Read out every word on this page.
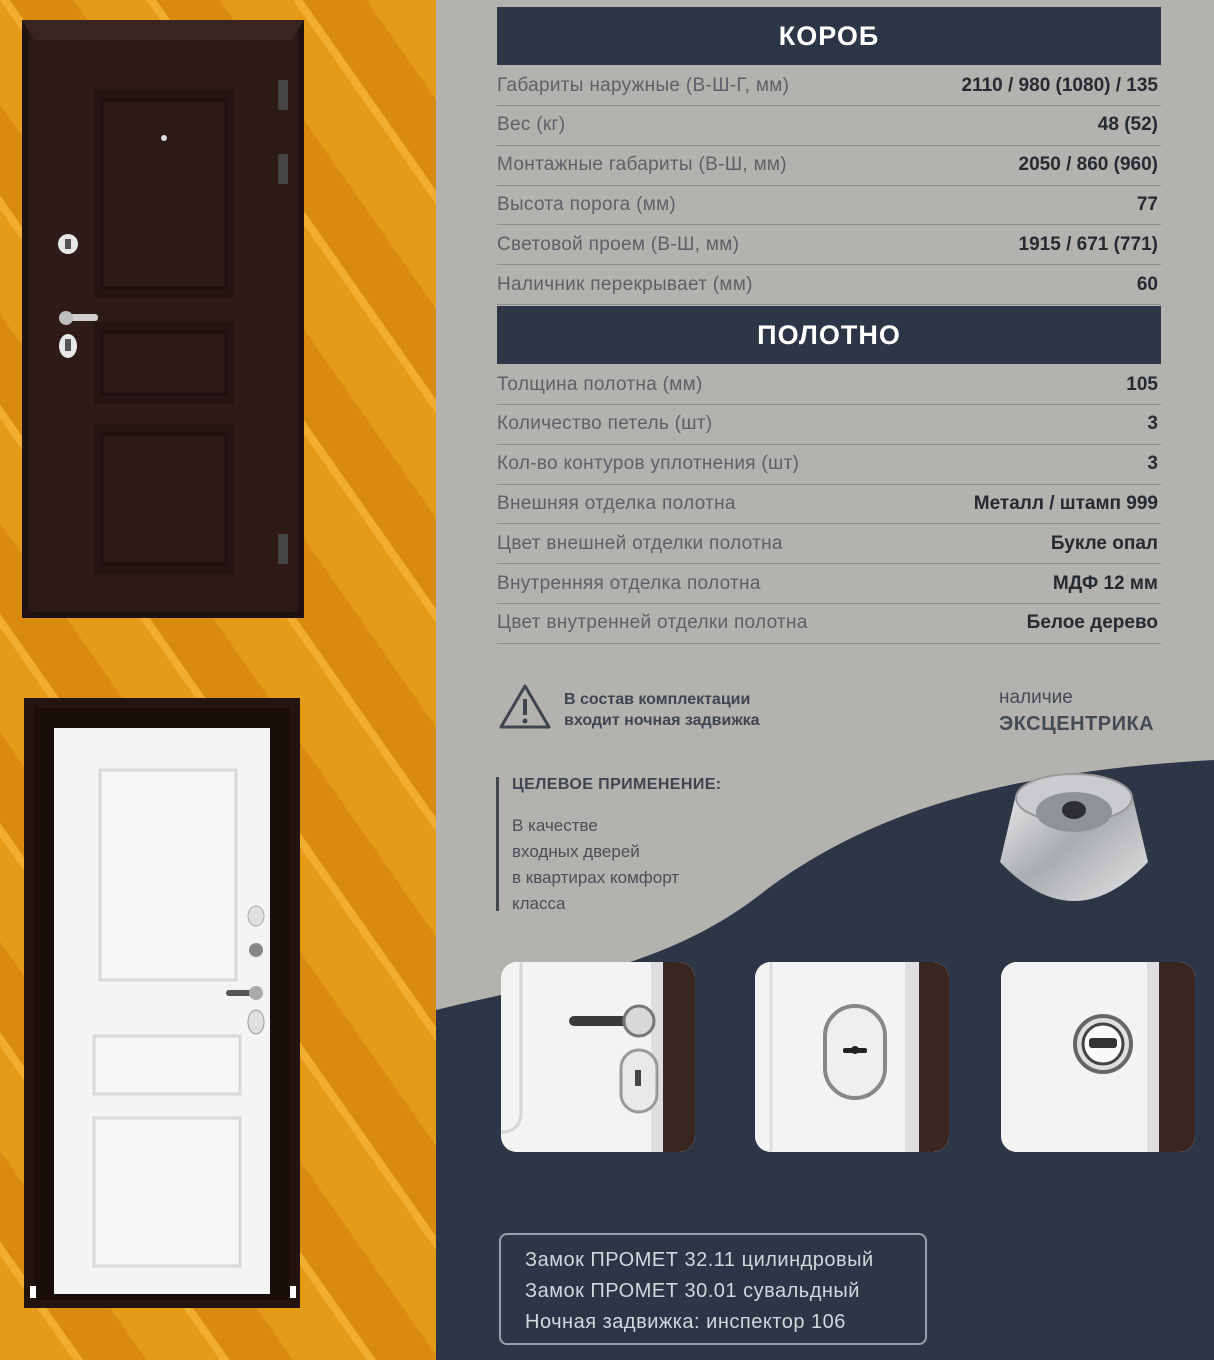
КОРОБ
Габариты наружные (В-Ш-Г, мм)	2110 / 980 (1080) / 135
Вес (кг)	48 (52)
Монтажные габариты (В-Ш, мм)	2050 / 860 (960)
Высота порога (мм)	77
Световой проем (В-Ш, мм)	1915 / 671 (771)
Наличник перекрывает (мм)	60
ПОЛОТНО
Толщина полотна (мм)	105
Количество петель (шт)	3
Кол-во контуров уплотнения (шт)	3
Внешняя отделка полотна	Металл / штамп 999
Цвет внешней отделки полотна	Букле опал
Внутренняя отделка полотна	МДФ 12 мм
Цвет внутренней отделки полотна	Белое дерево
В состав комплектации
входит ночная задвижка
наличие
ЭКСЦЕНТРИКА
ЦЕЛЕВОЕ ПРИМЕНЕНИЕ:
В качестве
входных дверей
в квартирах комфорт
класса
Замок ПРОМЕТ 32.11 цилиндровый
Замок ПРОМЕТ 30.01 сувальдный
Ночная задвижка: инспектор 106
